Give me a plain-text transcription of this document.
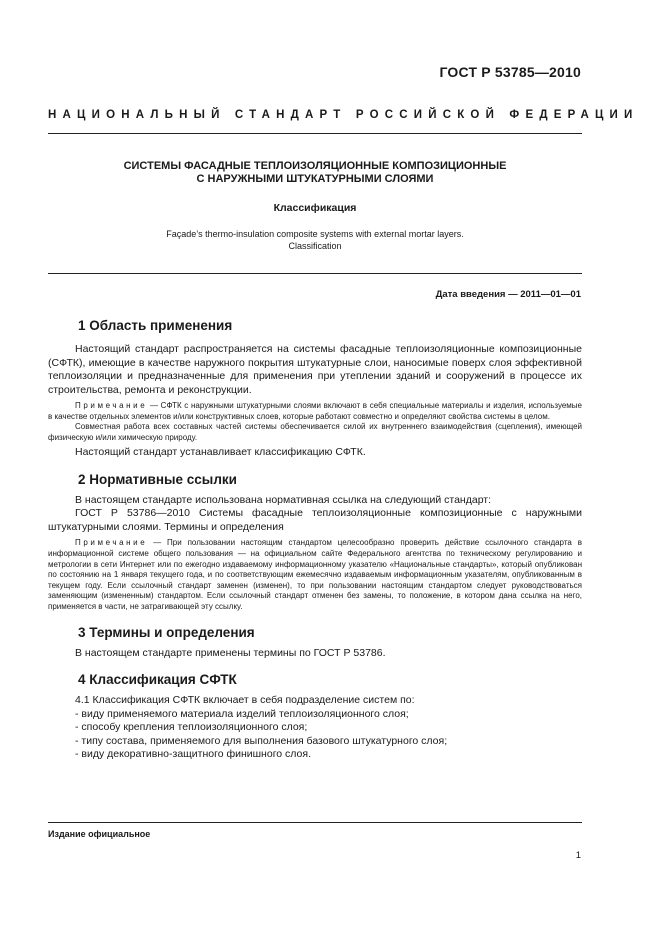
ГОСТ Р 53785—2010
НАЦИОНАЛЬНЫЙ СТАНДАРТ РОССИЙСКОЙ ФЕДЕРАЦИИ
СИСТЕМЫ ФАСАДНЫЕ ТЕПЛОИЗОЛЯЦИОННЫЕ КОМПОЗИЦИОННЫЕ
С НАРУЖНЫМИ ШТУКАТУРНЫМИ СЛОЯМИ
Классификация
Façade’s thermo-insulation composite systems with external mortar layers.
Classification
Дата введения — 2011—01—01
1 Область применения

Настоящий стандарт распространяется на системы фасадные теплоизоляционные композиционные (СФТК), имеющие в качестве наружного покрытия штукатурные слои, наносимые поверх слоя эффективной теплоизоляции и предназначенные для применения при утеплении зданий и сооружений в процессе их строительства, ремонта и реконструкции.

Примечание — СФТК с наружными штукатурными слоями включают в себя специальные материалы и изделия, используемые в качестве отдельных элементов и/или конструктивных слоев, которые работают совместно и определяют свойства системы в целом.

Совместная работа всех составных частей системы обеспечивается силой их внутреннего взаимодействия (сцепления), имеющей физическую и/или химическую природу.

Настоящий стандарт устанавливает классификацию СФТК.

2 Нормативные ссылки

В настоящем стандарте использована нормативная ссылка на следующий стандарт:

ГОСТ Р 53786—2010 Системы фасадные теплоизоляционные композиционные с наружными штукатурными слоями. Термины и определения

Примечание — При пользовании настоящим стандартом целесообразно проверить действие ссылочного стандарта в информационной системе общего пользования — на официальном сайте Федерального агентства по техническому регулированию и метрологии в сети Интернет или по ежегодно издаваемому информационному указателю «Национальные стандарты», который опубликован по состоянию на 1 января текущего года, и по соответствующим ежемесячно издаваемым информационным указателям, опубликованным в текущем году. Если ссылочный стандарт заменен (изменен), то при пользовании настоящим стандартом следует руководствоваться заменяющим (измененным) стандартом. Если ссылочный стандарт отменен без замены, то положение, в котором дана ссылка на него, применяется в части, не затрагивающей эту ссылку.

3 Термины и определения

В настоящем стандарте применены термины по ГОСТ Р 53786.

4 Классификация СФТК

4.1 Классификация СФТК включает в себя подразделение систем по:

- виду применяемого материала изделий теплоизоляционного слоя;

- способу крепления теплоизоляционного слоя;

- типу состава, применяемого для выполнения базового штукатурного слоя;

- виду декоративно-защитного финишного слоя.

Издание официальное
1
